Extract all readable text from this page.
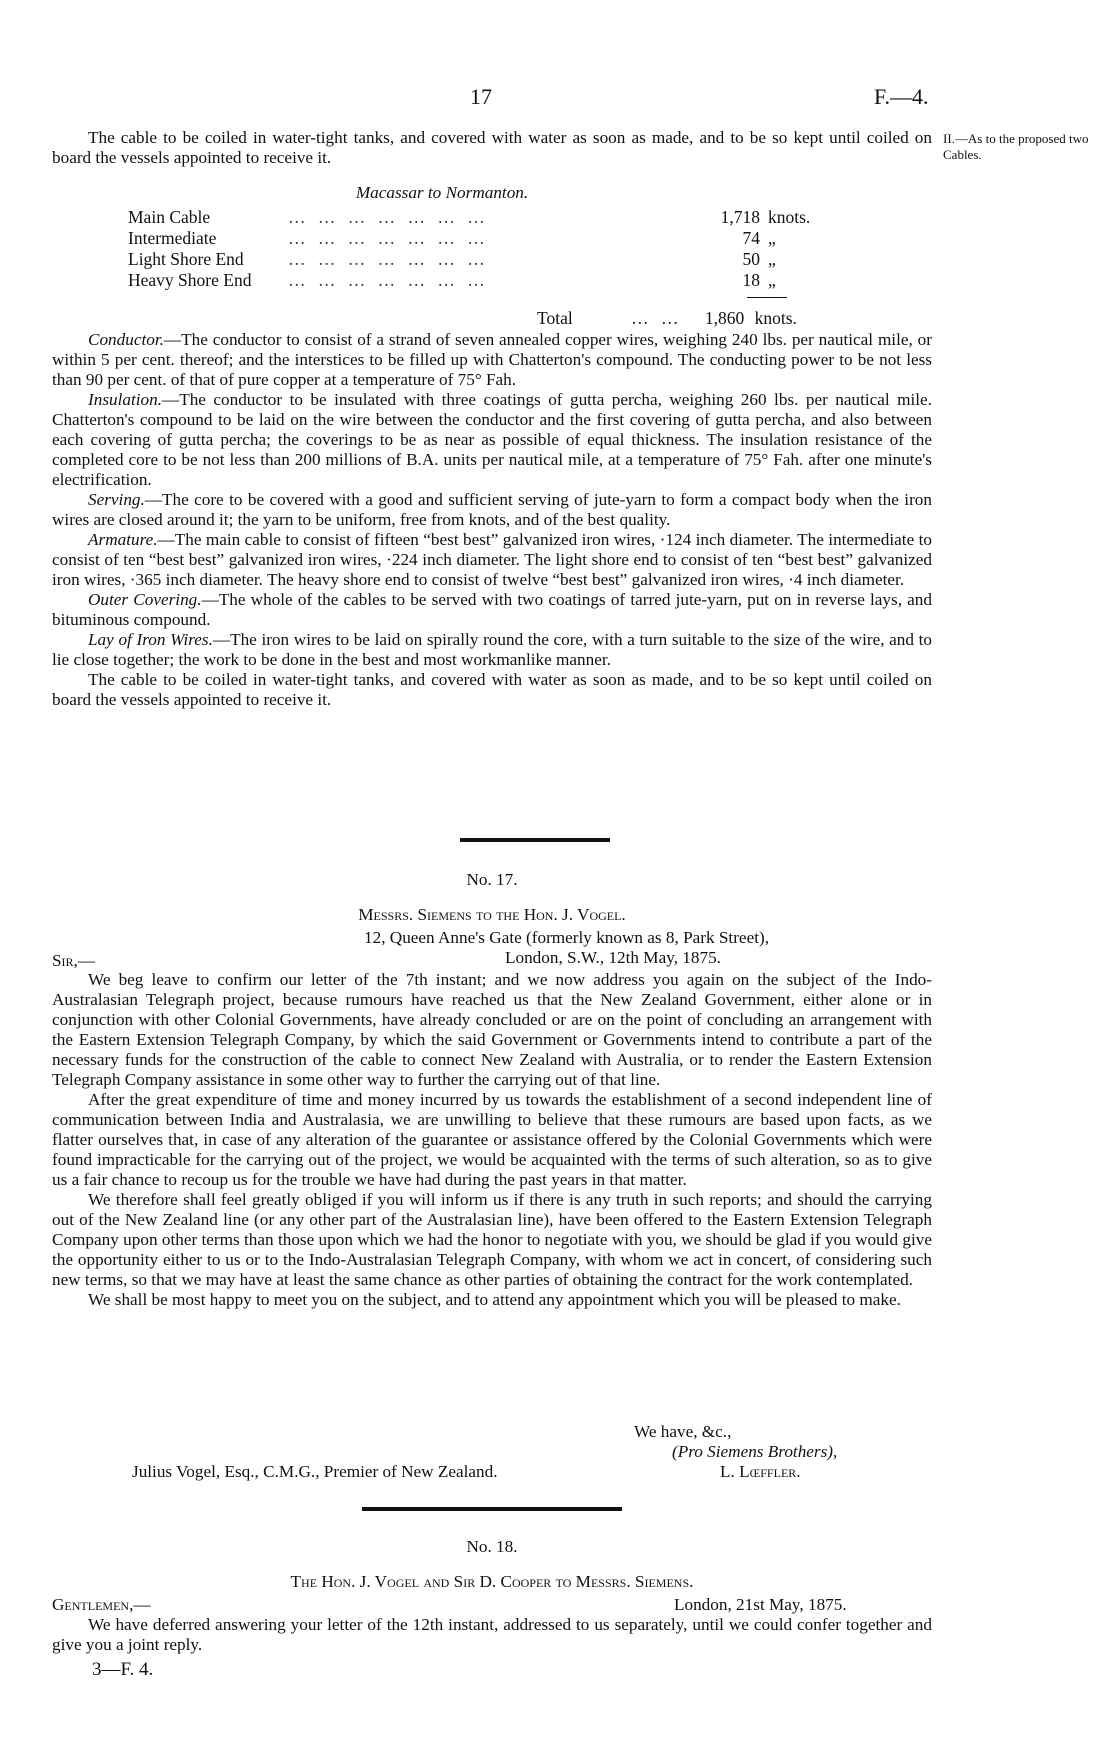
17	F.—4.
II.—As to the proposed two Cables.

The cable to be coiled in water-tight tanks, and covered with water as soon as made, and to be so kept until coiled on board the vessels appointed to receive it.

Macassar to Normanton.
Main Cable	… … … … … … …	1,718	knots.
Intermediate	… … … … … … …	74	„
Light Shore End	… … … … … … …	50	„
Heavy Shore End	… … … … … … …	18	„
Total	… … 1,860 knots.

Conductor.—The conductor to consist of a strand of seven annealed copper wires, weighing 240 lbs. per nautical mile, or within 5 per cent. thereof; and the interstices to be filled up with Chatterton's compound. The conducting power to be not less than 90 per cent. of that of pure copper at a temperature of 75° Fah.

Insulation.—The conductor to be insulated with three coatings of gutta percha, weighing 260 lbs. per nautical mile. Chatterton's compound to be laid on the wire between the conductor and the first covering of gutta percha, and also between each covering of gutta percha; the coverings to be as near as possible of equal thickness. The insulation resistance of the completed core to be not less than 200 millions of B.A. units per nautical mile, at a temperature of 75° Fah. after one minute's electrification.

Serving.—The core to be covered with a good and sufficient serving of jute-yarn to form a compact body when the iron wires are closed around it; the yarn to be uniform, free from knots, and of the best quality.

Armature.—The main cable to consist of fifteen “best best” galvanized iron wires, ·124 inch diameter. The intermediate to consist of ten “best best” galvanized iron wires, ·224 inch diameter. The light shore end to consist of ten “best best” galvanized iron wires, ·365 inch diameter. The heavy shore end to consist of twelve “best best” galvanized iron wires, ·4 inch diameter.

Outer Covering.—The whole of the cables to be served with two coatings of tarred jute-yarn, put on in reverse lays, and bituminous compound.

Lay of Iron Wires.—The iron wires to be laid on spirally round the core, with a turn suitable to the size of the wire, and to lie close together; the work to be done in the best and most workmanlike manner.

The cable to be coiled in water-tight tanks, and covered with water as soon as made, and to be so kept until coiled on board the vessels appointed to receive it.

No. 17.
Messrs. Siemens to the Hon. J. Vogel.
12, Queen Anne's Gate (formerly known as 8, Park Street),
London, S.W., 12th May, 1875.
Sir,—

We beg leave to confirm our letter of the 7th instant; and we now address you again on the subject of the Indo-Australasian Telegraph project, because rumours have reached us that the New Zealand Government, either alone or in conjunction with other Colonial Governments, have already concluded or are on the point of concluding an arrangement with the Eastern Extension Telegraph Company, by which the said Government or Governments intend to contribute a part of the necessary funds for the construction of the cable to connect New Zealand with Australia, or to render the Eastern Extension Telegraph Company assistance in some other way to further the carrying out of that line.

After the great expenditure of time and money incurred by us towards the establishment of a second independent line of communication between India and Australasia, we are unwilling to believe that these rumours are based upon facts, as we flatter ourselves that, in case of any alteration of the guarantee or assistance offered by the Colonial Governments which were found impracticable for the carrying out of the project, we would be acquainted with the terms of such alteration, so as to give us a fair chance to recoup us for the trouble we have had during the past years in that matter.

We therefore shall feel greatly obliged if you will inform us if there is any truth in such reports; and should the carrying out of the New Zealand line (or any other part of the Australasian line), have been offered to the Eastern Extension Telegraph Company upon other terms than those upon which we had the honor to negotiate with you, we should be glad if you would give the opportunity either to us or to the Indo-Australasian Telegraph Company, with whom we act in concert, of considering such new terms, so that we may have at least the same chance as other parties of obtaining the contract for the work contemplated.

We shall be most happy to meet you on the subject, and to attend any appointment which you will be pleased to make.

We have, &c.,
(Pro Siemens Brothers),
Julius Vogel, Esq., C.M.G., Premier of New Zealand.	L. Lœffler.
No. 18.
The Hon. J. Vogel and Sir D. Cooper to Messrs. Siemens.
Gentlemen,—	London, 21st May, 1875.

We have deferred answering your letter of the 12th instant, addressed to us separately, until we could confer together and give you a joint reply.

3—F. 4.
